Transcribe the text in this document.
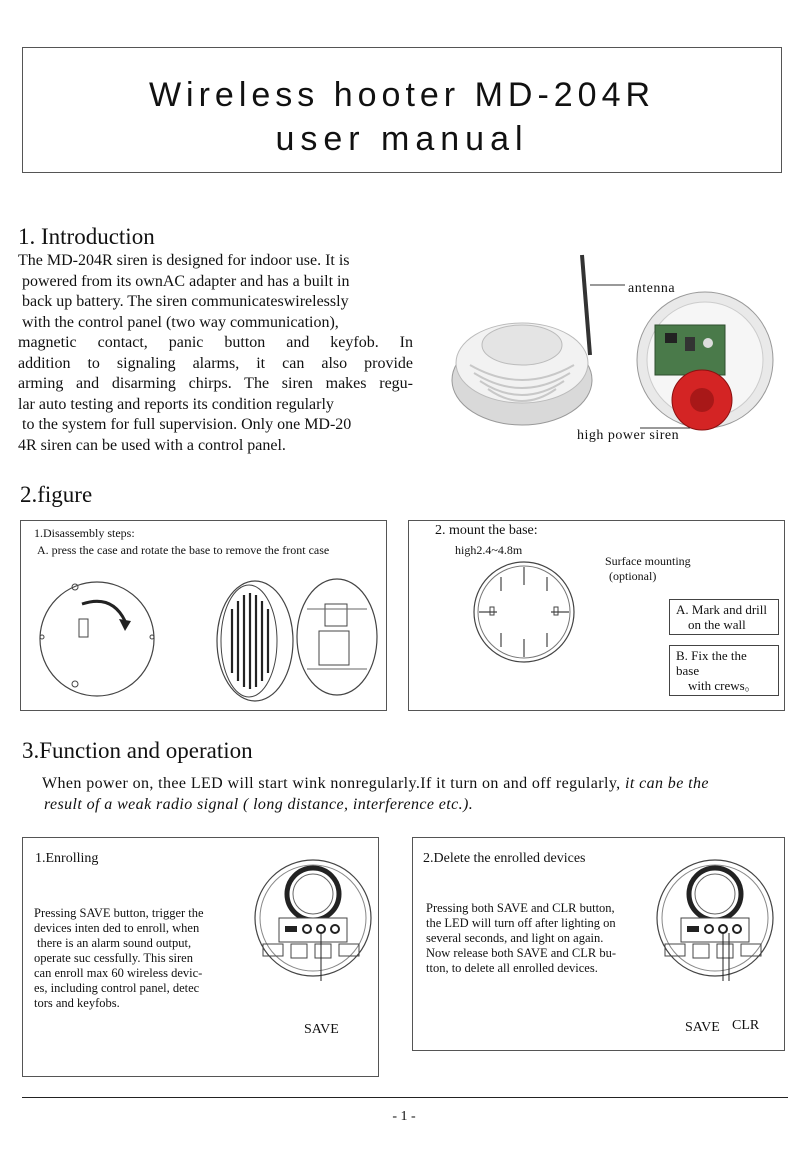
Wireless hooter MD-204R
user manual
1. Introduction

The MD-204R siren is designed for indoor use. It is

powered from its ownAC adapter and has a built in

back up battery. The siren communicateswirelessly

with the control panel (two way communication),

magnetic contact, panic button and keyfob. In

addition to signaling alarms, it can also provide

arming and disarming chirps. The siren makes regu-

lar auto testing and reports its condition regularly

to the system for full supervision. Only one MD-20

4R siren can be used with a control panel.

antenna
high power siren
2.figure
1.Disassembly steps:
A. press the case and rotate the base to remove the front case
2. mount the base:
high2.4~4.8m
Surface mounting
(optional)
A. Mark and drill
on the wall
B. Fix the the base
with crews。
3.Function and operation
When power on, thee LED will start wink nonregularly.If it turn on and off regularly, it can be the
result of a weak radio signal ( long distance, interference etc.).
1.Enrolling
Pressing SAVE button, trigger the
devices inten ded to enroll, when
there is an alarm sound output,
operate suc cessfully. This siren
can enroll max 60 wireless devic-
es, including control panel, detec
tors and keyfobs.
SAVE
2.Delete the enrolled devices
Pressing both SAVE and CLR button,
the LED will turn off after lighting on
several seconds, and light on again.
Now release both SAVE and CLR bu-
tton, to delete all enrolled devices.
SAVE CLR
- 1 -
